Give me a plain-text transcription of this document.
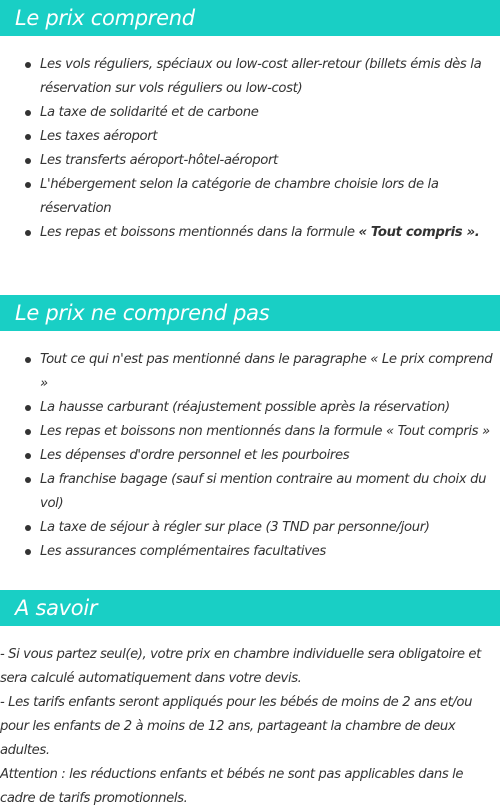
Le prix comprend
Les vols réguliers, spéciaux ou low-cost aller-retour (billets émis dès la réservation sur vols réguliers ou low-cost)
La taxe de solidarité et de carbone
Les taxes aéroport
Les transferts aéroport-hôtel-aéroport
L'hébergement selon la catégorie de chambre choisie lors de la réservation
Les repas et boissons mentionnés dans la formule « Tout compris ».
Le prix ne comprend pas
Tout ce qui n'est pas mentionné dans le paragraphe « Le prix comprend »
La hausse carburant (réajustement possible après la réservation)
Les repas et boissons non mentionnés dans la formule « Tout compris »
Les dépenses d'ordre personnel et les pourboires
La franchise bagage (sauf si mention contraire au moment du choix du vol)
La taxe de séjour à régler sur place (3 TND par personne/jour)
Les assurances complémentaires facultatives
A savoir

- Si vous partez seul(e), votre prix en chambre individuelle sera obligatoire et sera calculé automatiquement dans votre devis.

- Les tarifs enfants seront appliqués pour les bébés de moins de 2 ans et/ou pour les enfants de 2 à moins de 12 ans, partageant la chambre de deux adultes.

Attention : les réductions enfants et bébés ne sont pas applicables dans le cadre de tarifs promotionnels.
